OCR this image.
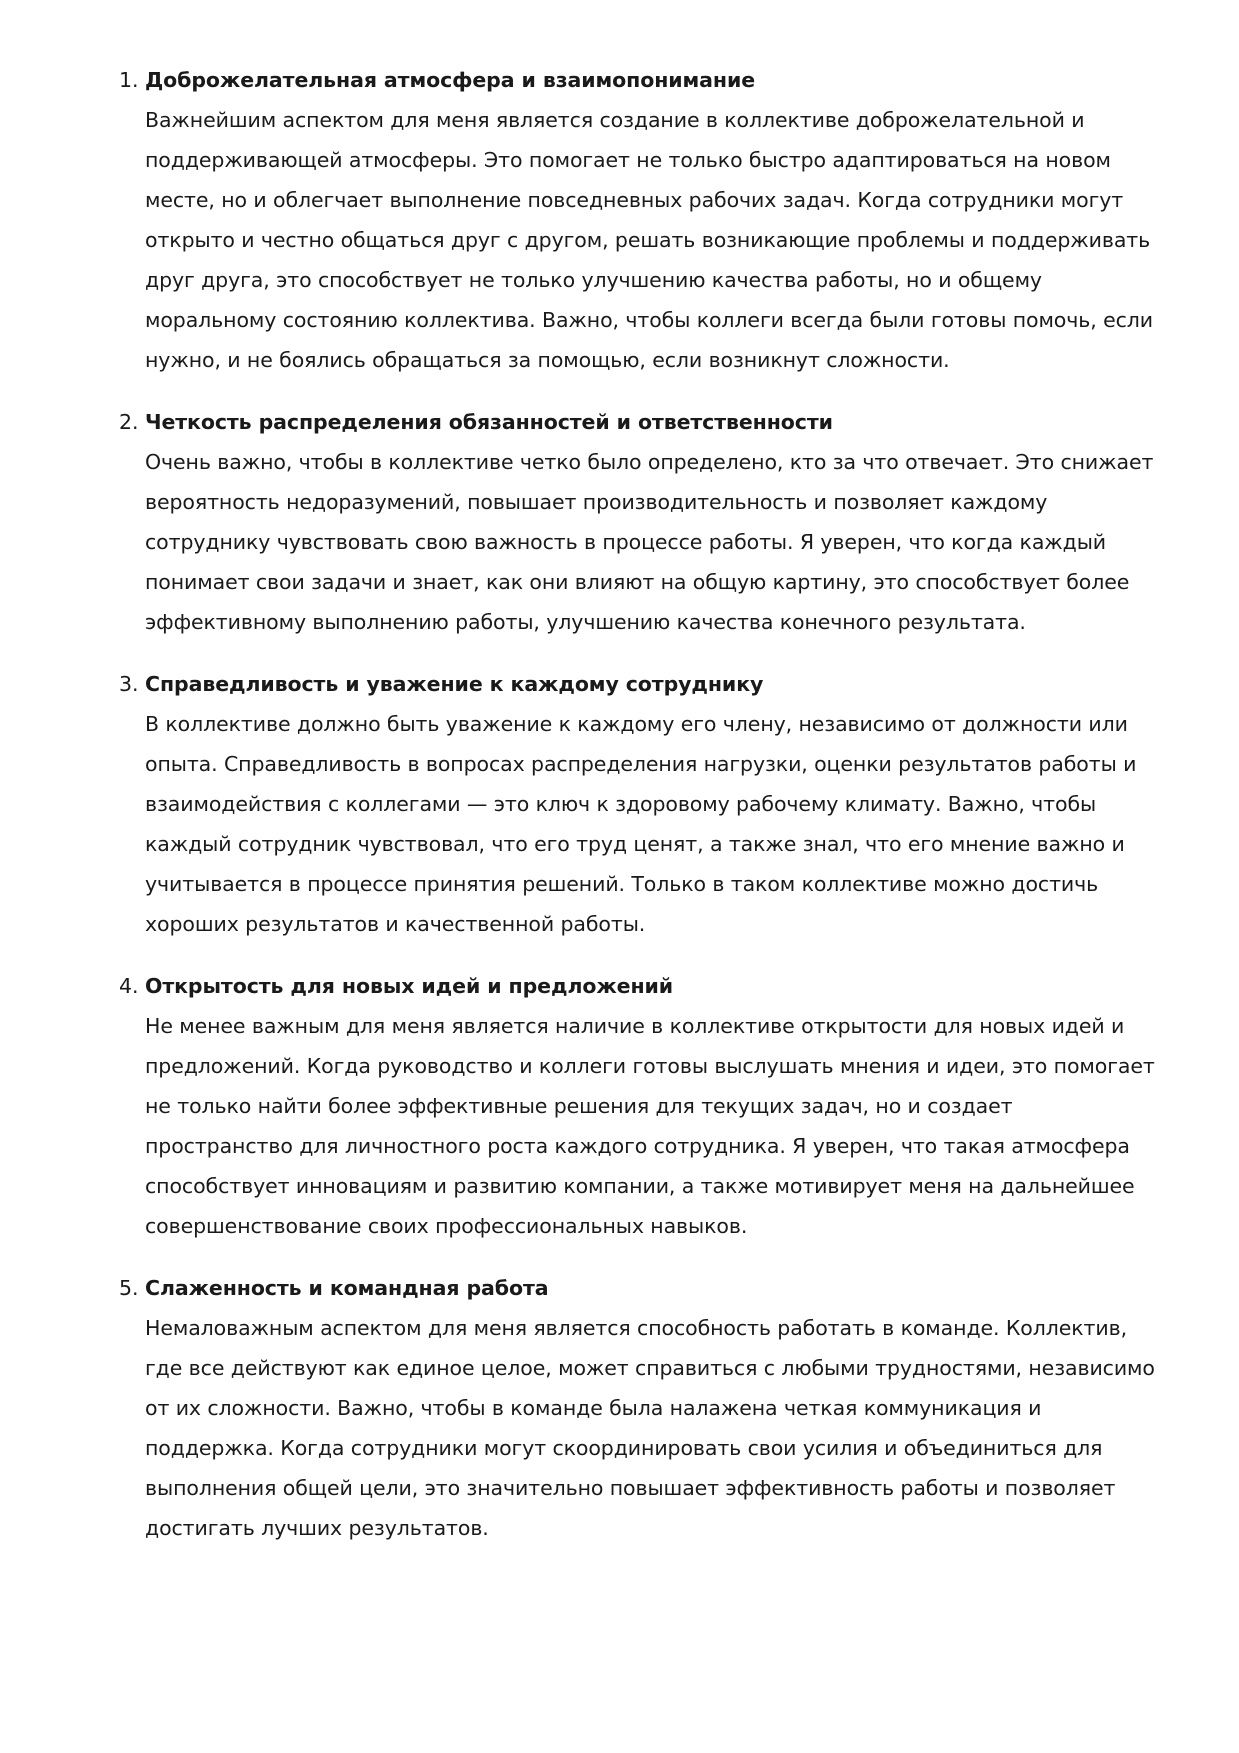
1. Доброжелательная атмосфера и взаимопонимание
Важнейшим аспектом для меня является создание в коллективе доброжелательной и поддерживающей атмосферы. Это помогает не только быстро адаптироваться на новом месте, но и облегчает выполнение повседневных рабочих задач. Когда сотрудники могут открыто и честно общаться друг с другом, решать возникающие проблемы и поддерживать друг друга, это способствует не только улучшению качества работы, но и общему моральному состоянию коллектива. Важно, чтобы коллеги всегда были готовы помочь, если нужно, и не боялись обращаться за помощью, если возникнут сложности.
2. Четкость распределения обязанностей и ответственности
Очень важно, чтобы в коллективе четко было определено, кто за что отвечает. Это снижает вероятность недоразумений, повышает производительность и позволяет каждому сотруднику чувствовать свою важность в процессе работы. Я уверен, что когда каждый понимает свои задачи и знает, как они влияют на общую картину, это способствует более эффективному выполнению работы, улучшению качества конечного результата.
3. Справедливость и уважение к каждому сотруднику
В коллективе должно быть уважение к каждому его члену, независимо от должности или опыта. Справедливость в вопросах распределения нагрузки, оценки результатов работы и взаимодействия с коллегами — это ключ к здоровому рабочему климату. Важно, чтобы каждый сотрудник чувствовал, что его труд ценят, а также знал, что его мнение важно и учитывается в процессе принятия решений. Только в таком коллективе можно достичь хороших результатов и качественной работы.
4. Открытость для новых идей и предложений
Не менее важным для меня является наличие в коллективе открытости для новых идей и предложений. Когда руководство и коллеги готовы выслушать мнения и идеи, это помогает не только найти более эффективные решения для текущих задач, но и создает пространство для личностного роста каждого сотрудника. Я уверен, что такая атмосфера способствует инновациям и развитию компании, а также мотивирует меня на дальнейшее совершенствование своих профессиональных навыков.
5. Слаженность и командная работа
Немаловажным аспектом для меня является способность работать в команде. Коллектив, где все действуют как единое целое, может справиться с любыми трудностями, независимо от их сложности. Важно, чтобы в команде была налажена четкая коммуникация и поддержка. Когда сотрудники могут скоординировать свои усилия и объединиться для выполнения общей цели, это значительно повышает эффективность работы и позволяет достигать лучших результатов.
